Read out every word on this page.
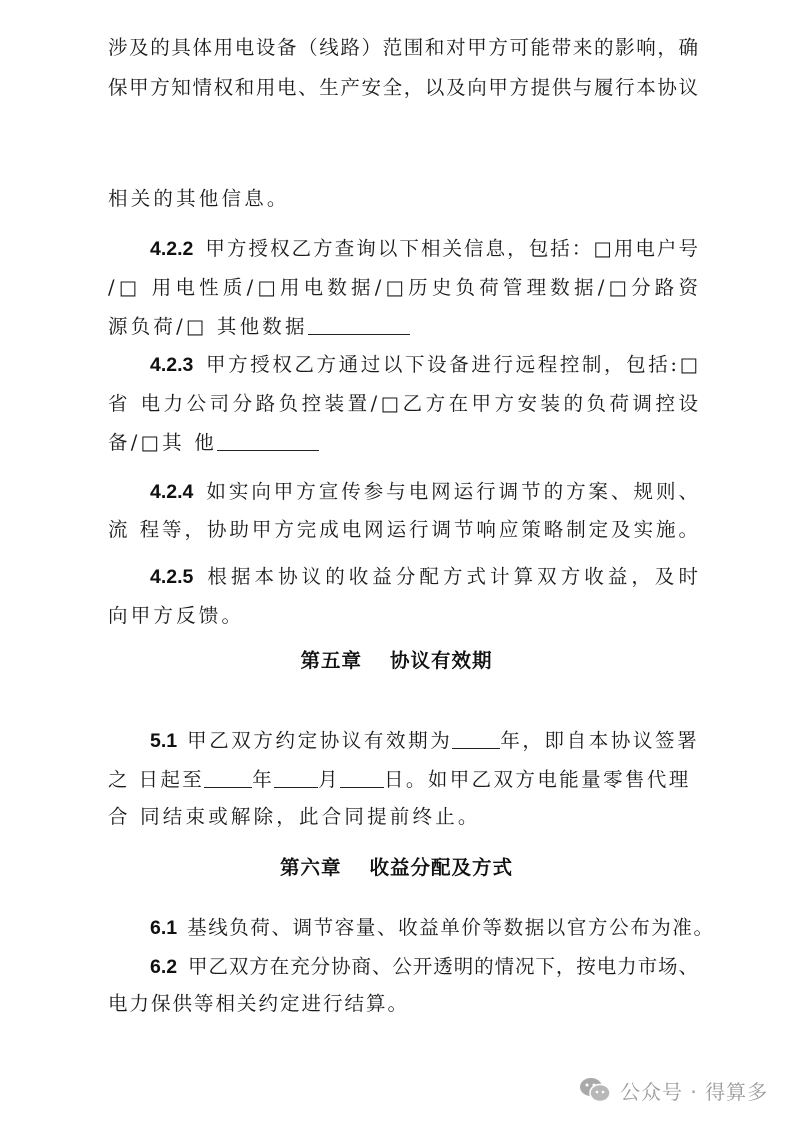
涉及的具体用电设备（线路）范围和对甲方可能带来的影响，确
保甲方知情权和用电、生产安全，以及向甲方提供与履行本协议
相关的其他信息。
4.2.2 甲方授权乙方查询以下相关信息，包括：□用电户号
/□ 用电性质/□用电数据/□历史负荷管理数据/□分路资
源负荷/□ 其他数据
4.2.3 甲方授权乙方通过以下设备进行远程控制，包括:□
省 电力公司分路负控装置/□乙方在甲方安装的负荷调控设
备/□其 他
4.2.4 如实向甲方宣传参与电网运行调节的方案、规则、
流 程等，协助甲方完成电网运行调节响应策略制定及实施。
4.2.5 根据本协议的收益分配方式计算双方收益，及时
向甲方反馈。
第五章 协议有效期
5.1 甲乙双方约定协议有效期为 年，即自本协议签署
之 日起至 年 月 日。如甲乙双方电能量零售代理
合 同结束或解除，此合同提前终止。
第六章 收益分配及方式
6.1 基线负荷、调节容量、收益单价等数据以官方公布为准。
6.2 甲乙双方在充分协商、公开透明的情况下，按电力市场、
电力保供等相关约定进行结算。
公众号 · 得算多
